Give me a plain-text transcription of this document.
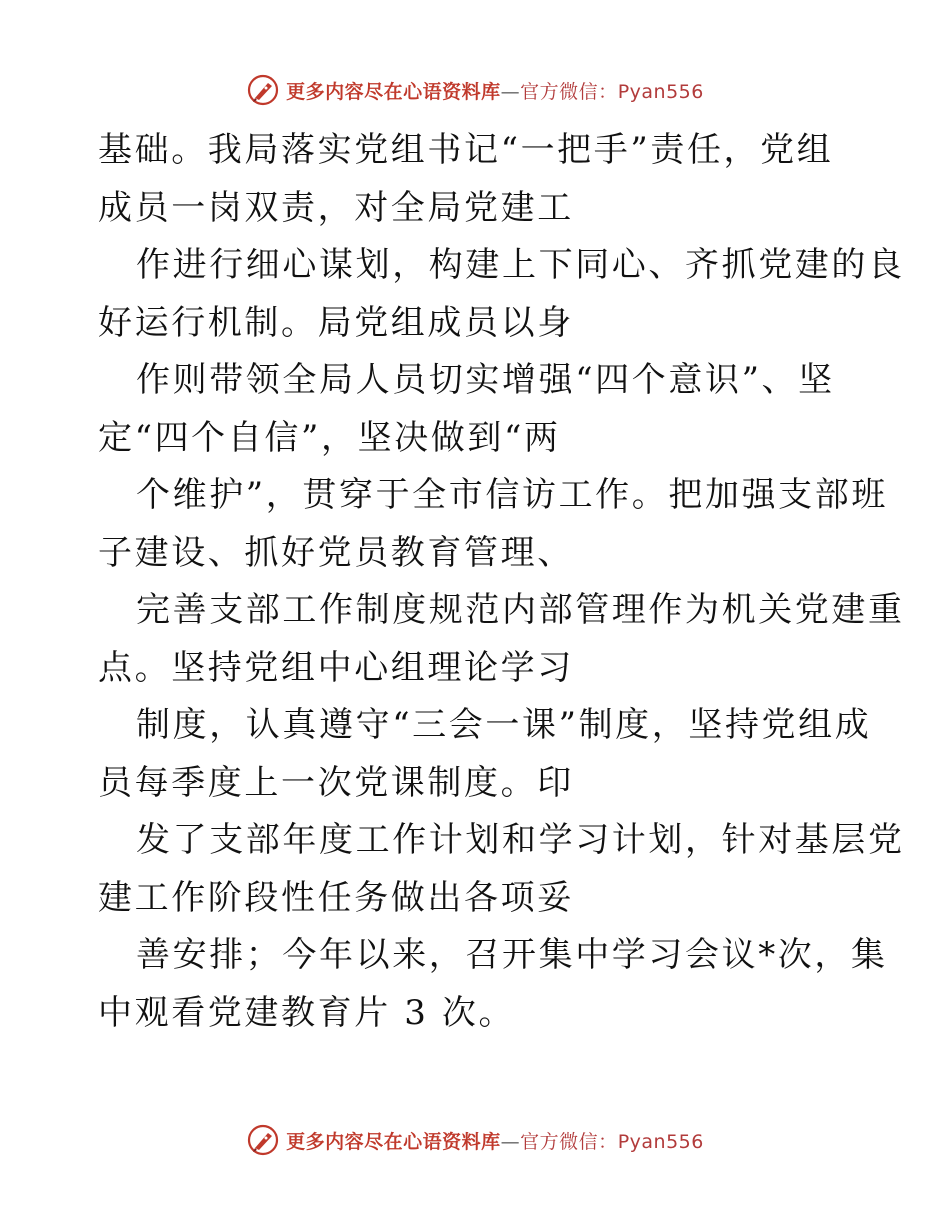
更多内容尽在心语资料库—官方微信：Pyan556
基础。我局落实党组书记“一把手”责任，党组
成员一岗双责，对全局党建工
作进行细心谋划，构建上下同心、齐抓党建的良
好运行机制。局党组成员以身
作则带领全局人员切实增强“四个意识”、坚
定“四个自信”，坚决做到“两
个维护”，贯穿于全市信访工作。把加强支部班
子建设、抓好党员教育管理、
完善支部工作制度规范内部管理作为机关党建重
点。坚持党组中心组理论学习
制度，认真遵守“三会一课”制度，坚持党组成
员每季度上一次党课制度。印
发了支部年度工作计划和学习计划，针对基层党
建工作阶段性任务做出各项妥
善安排；今年以来，召开集中学习会议*次，集
中观看党建教育片 3 次。
更多内容尽在心语资料库—官方微信：Pyan556
